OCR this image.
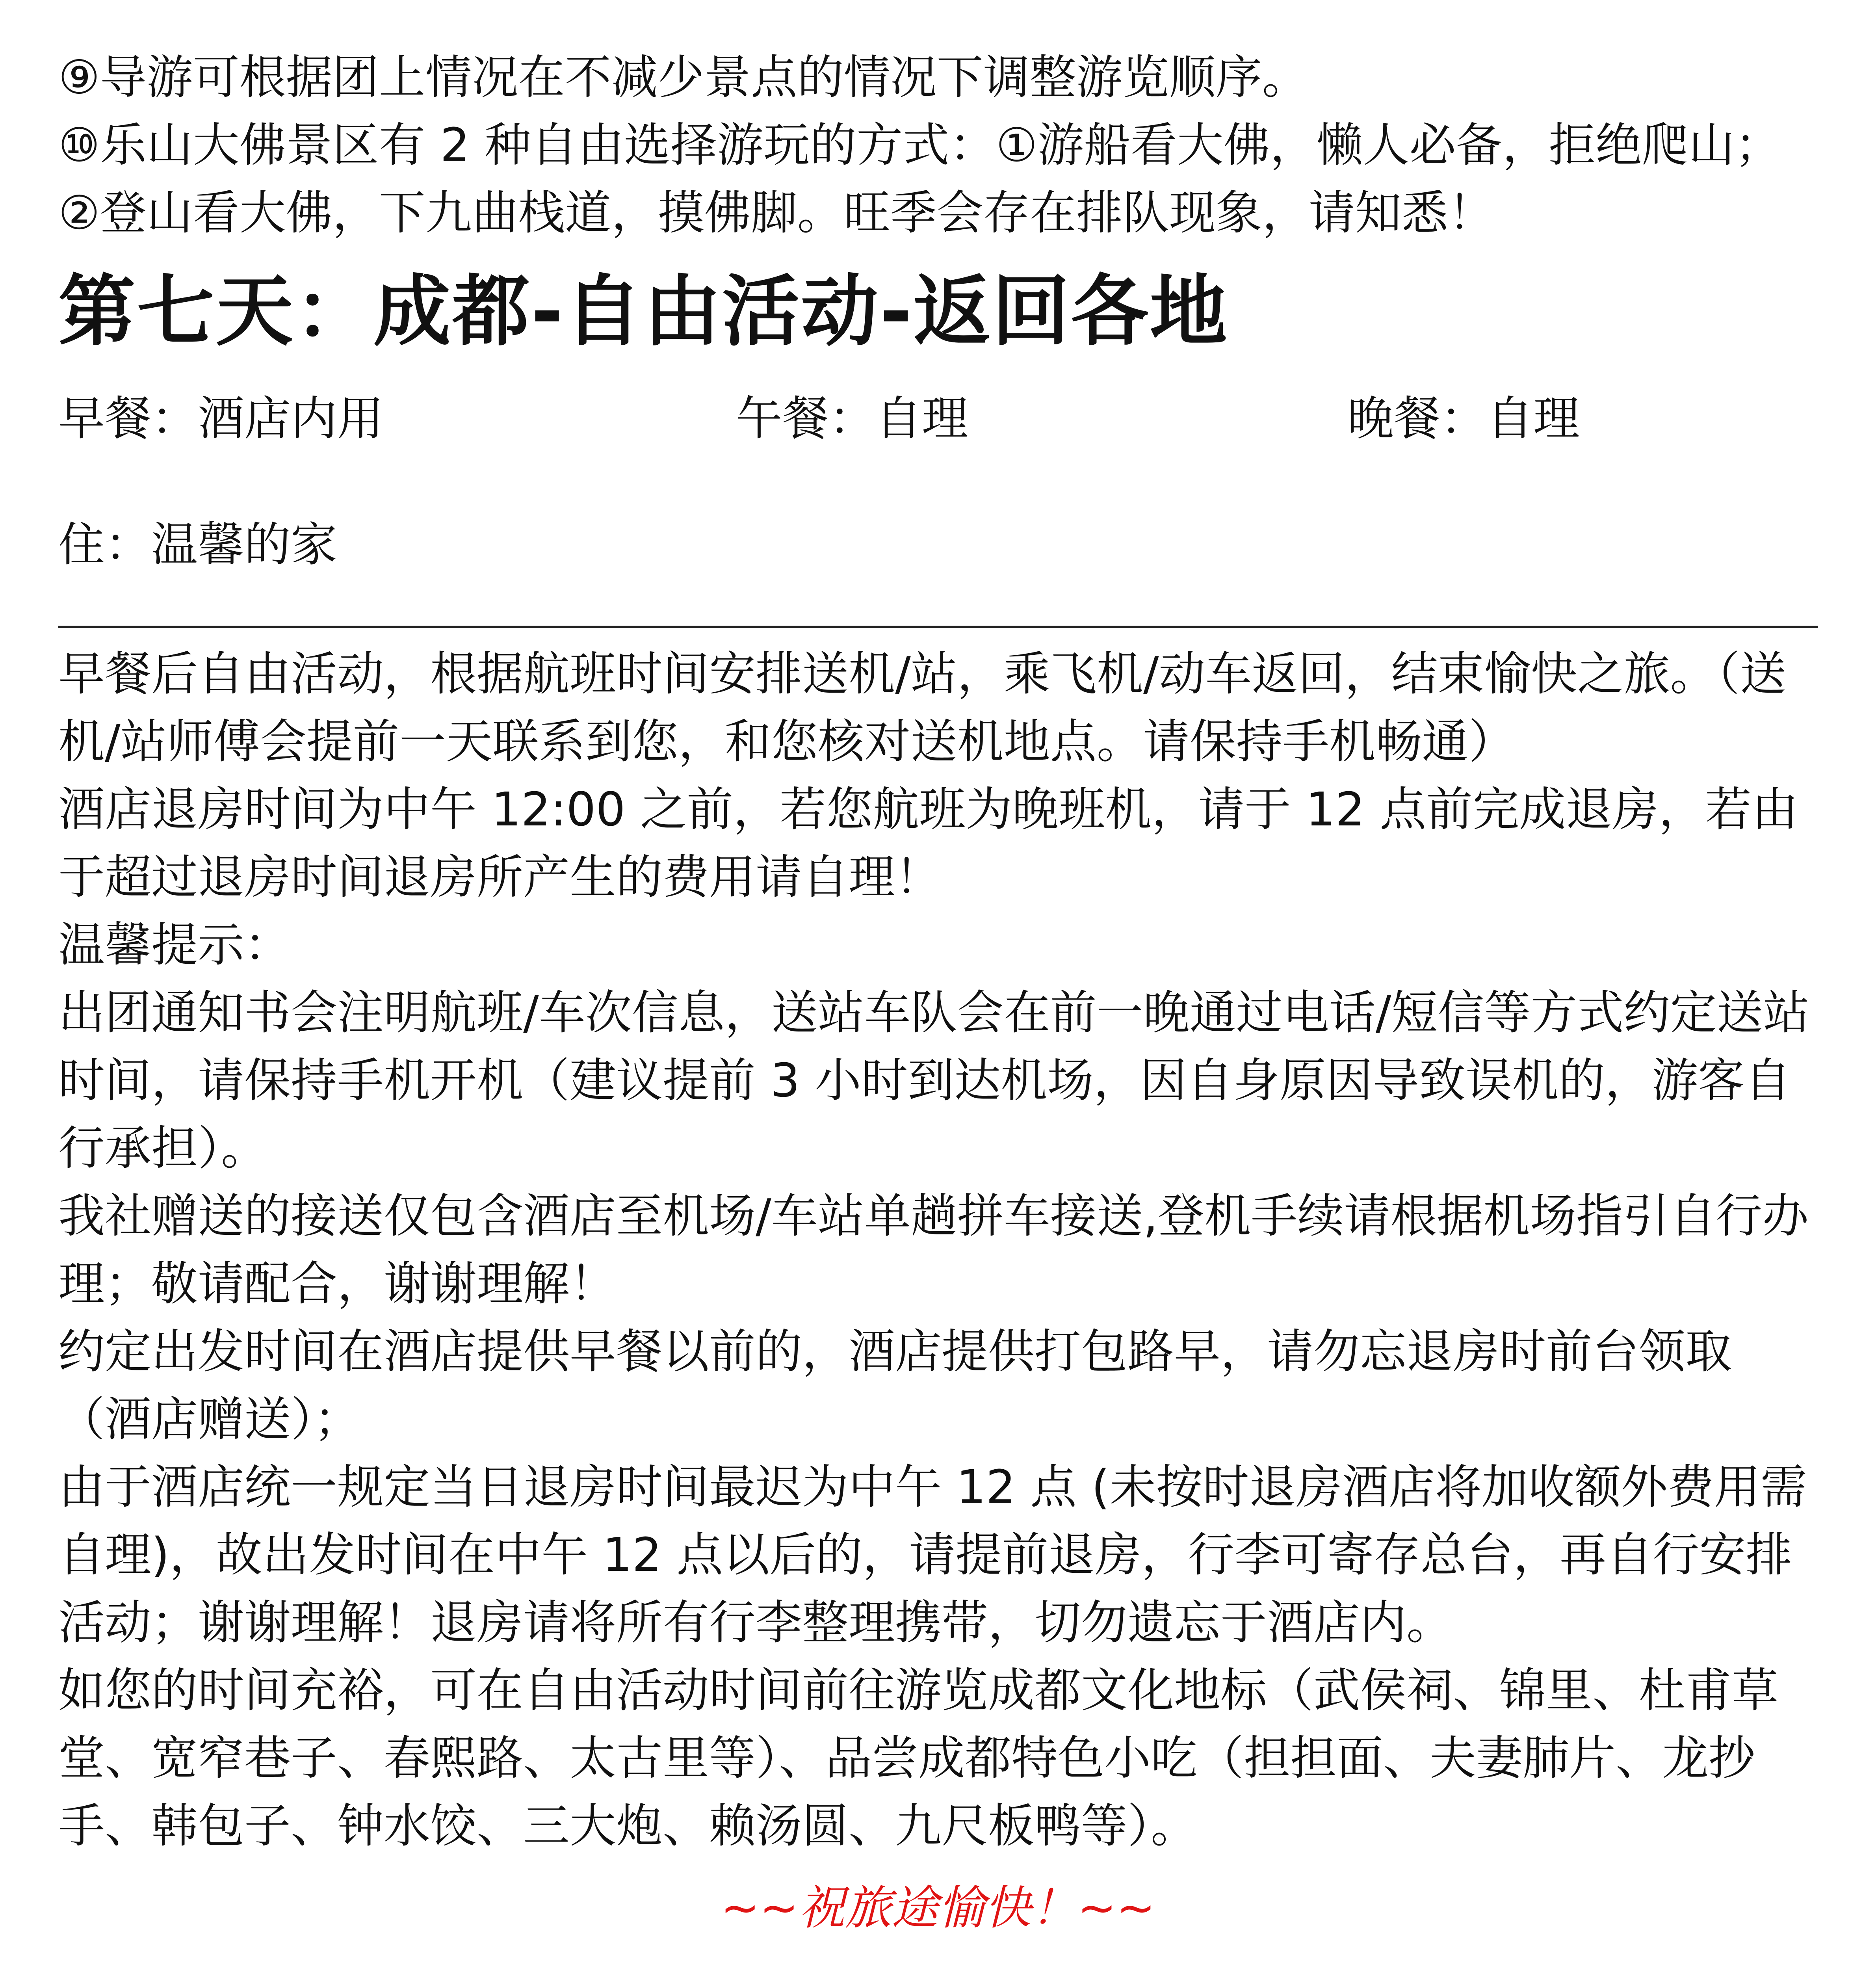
⑨导游可根据团上情况在不减少景点的情况下调整游览顺序。

⑩乐山大佛景区有 2 种自由选择游玩的方式：①游船看大佛，懒人必备，拒绝爬山；②登山看大佛，下九曲栈道，摸佛脚。旺季会存在排队现象，请知悉！

第七天：成都-自由活动-返回各地
早餐：酒店内用	午餐：自理	晚餐：自理
住：温馨的家

早餐后自由活动，根据航班时间安排送机/站，乘飞机/动车返回，结束愉快之旅。（送机/站师傅会提前一天联系到您，和您核对送机地点。请保持手机畅通）

酒店退房时间为中午 12:00 之前，若您航班为晚班机，请于 12 点前完成退房，若由于超过退房时间退房所产生的费用请自理！

温馨提示：

出团通知书会注明航班/车次信息，送站车队会在前一晚通过电话/短信等方式约定送站时间，请保持手机开机（建议提前 3 小时到达机场，因自身原因导致误机的，游客自行承担）。

我社赠送的接送仅包含酒店至机场/车站单趟拼车接送,登机手续请根据机场指引自行办理；敬请配合，谢谢理解！

约定出发时间在酒店提供早餐以前的，酒店提供打包路早，请勿忘退房时前台领取（酒店赠送）；

由于酒店统一规定当日退房时间最迟为中午 12 点 (未按时退房酒店将加收额外费用需自理)，故出发时间在中午 12 点以后的，请提前退房，行李可寄存总台，再自行安排活动；谢谢理解！退房请将所有行李整理携带，切勿遗忘于酒店内。

如您的时间充裕，可在自由活动时间前往游览成都文化地标（武侯祠、锦里、杜甫草堂、宽窄巷子、春熙路、太古里等）、品尝成都特色小吃（担担面、夫妻肺片、龙抄手、韩包子、钟水饺、三大炮、赖汤圆、九尺板鸭等）。

~~祝旅途愉快！~~
